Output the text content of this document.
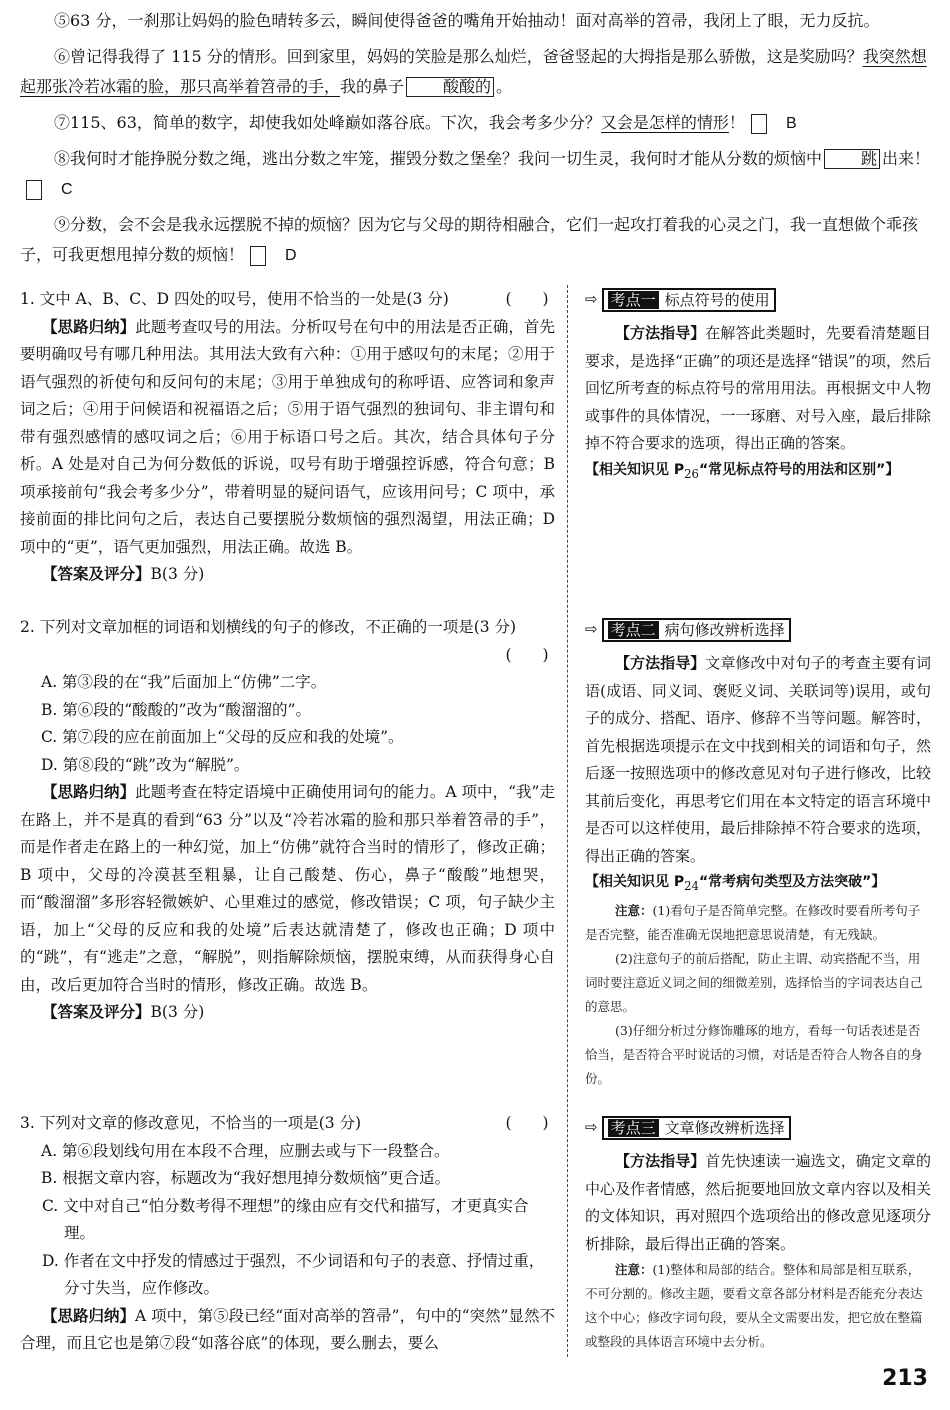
⑤63 分，一刹那让妈妈的脸色晴转多云，瞬间使得爸爸的嘴角开始抽动！面对高举的笤帚，我闭上了眼，无力反抗。

⑥曾记得我得了 115 分的情形。回到家里，妈妈的笑脸是那么灿烂，爸爸竖起的大拇指是那么骄傲，这是奖励吗？我突然想起那张冷若冰霜的脸，那只高举着笤帚的手，我的鼻子 酸酸的 。

⑦115、63，简单的数字，却使我如处峰巅如落谷底。下次，我会考多少分？又会是怎样的情形！	B

⑧我何时才能挣脱分数之绳，逃出分数之牢笼，摧毁分数之堡垒？我问一切生灵，我何时才能从分数的烦恼中 跳 出来！C

⑨分数，会不会是我永远摆脱不掉的烦恼？因为它与父母的期待相融合，它们一起攻打着我的心灵之门，我一直想做个乖孩子，可我更想甩掉分数的烦恼！	D

(　　)
1. 文中 A、B、C、D 四处的叹号，使用不恰当的一处是(3 分)

【思路归纳】此题考查叹号的用法。分析叹号在句中的用法是否正确，首先要明确叹号有哪几种用法。其用法大致有六种：①用于感叹句的末尾；②用于语气强烈的祈使句和反问句的末尾；③用于单独成句的称呼语、应答词和象声词之后；④用于问候语和祝福语之后；⑤用于语气强烈的独词句、非主谓句和带有强烈感情的感叹词之后；⑥用于标语口号之后。其次，结合具体句子分析。A 处是对自己为何分数低的诉说，叹号有助于增强控诉感，符合句意；B 项承接前句“我会考多少分”，带着明显的疑问语气，应该用问号；C 项中，承接前面的排比问句之后，表达自己要摆脱分数烦恼的强烈渴望，用法正确；D 项中的“更”，语气更加强烈，用法正确。故选 B。

【答案及评分】B(3 分)

2. 下列对文章加框的词语和划横线的句子的修改，不正确的一项是(3 分)

(　　)

A. 第③段的在“我”后面加上“仿佛”二字。

B. 第⑥段的“酸酸的”改为“酸溜溜的”。

C. 第⑦段的应在前面加上“父母的反应和我的处境”。

D. 第⑧段的“跳”改为“解脱”。

【思路归纳】此题考查在特定语境中正确使用词句的能力。A 项中，“我”走在路上，并不是真的看到“63 分”以及“冷若冰霜的脸和那只举着笤帚的手”，而是作者走在路上的一种幻觉，加上“仿佛”就符合当时的情形了，修改正确；B 项中，父母的冷漠甚至粗暴，让自己酸楚、伤心，鼻子“酸酸”地想哭，而“酸溜溜”多形容轻微嫉妒、心里难过的感觉，修改错误；C 项，句子缺少主语，加上“父母的反应和我的处境”后表达就清楚了，修改也正确；D 项中的“跳”，有“逃走”之意，“解脱”，则指解除烦恼，摆脱束缚，从而获得身心自由，改后更加符合当时的情形，修改正确。故选 B。

【答案及评分】B(3 分)

(　　)
3. 下列对文章的修改意见，不恰当的一项是(3 分)

A. 第⑥段划线句用在本段不合理，应删去或与下一段整合。

B. 根据文章内容，标题改为“我好想甩掉分数烦恼”更合适。

C. 文中对自己“怕分数考得不理想”的缘由应有交代和描写，才更真实合理。

D. 作者在文中抒发的情感过于强烈，不少词语和句子的表意、抒情过重，分寸失当，应作修改。

【思路归纳】A 项中，第⑤段已经“面对高举的笤帚”，句中的“突然”显然不合理，而且它也是第⑦段“如落谷底”的体现，要么删去，要么

⇨ 考点一 标点符号的使用

【方法指导】在解答此类题时，先要看清楚题目要求，是选择“正确”的项还是选择“错误”的项，然后回忆所考查的标点符号的常用用法。再根据文中人物或事件的具体情况，一一琢磨、对号入座，最后排除掉不符合要求的选项，得出正确的答案。

【相关知识见 $P_{26}“$常见标点符号的用法和区别”】

⇨ 考点二 病句修改辨析选择

【方法指导】文章修改中对句子的考查主要有词语(成语、同义词、褒贬义词、关联词等)误用，或句子的成分、搭配、语序、修辞不当等问题。解答时，首先根据选项提示在文中找到相关的词语和句子，然后逐一按照选项中的修改意见对句子进行修改，比较其前后变化，再思考它们用在本文特定的语言环境中是否可以这样使用，最后排除掉不符合要求的选项，得出正确的答案。

【相关知识见 $P_{24}“$常考病句类型及方法突破”】

注意：(1)看句子是否简单完整。在修改时要看所考句子是否完整，能否准确无误地把意思说清楚，有无残缺。

(2)注意句子的前后搭配，防止主谓、动宾搭配不当，用词时要注意近义词之间的细微差别，选择恰当的字词表达自己的意思。

(3)仔细分析过分修饰雕琢的地方，看每一句话表述是否恰当，是否符合平时说话的习惯，对话是否符合人物各自的身份。

⇨ 考点三 文章修改辨析选择

【方法指导】首先快速读一遍选文，确定文章的中心及作者情感，然后扼要地回放文章内容以及相关的文体知识，再对照四个选项给出的修改意见逐项分析排除，最后得出正确的答案。

注意：(1)整体和局部的结合。整体和局部是相互联系，不可分割的。修改主题，要看文章各部分材料是否能充分表达这个中心；修改字词句段，要从全文需要出发，把它放在整篇或整段的具体语言环境中去分析。

213
